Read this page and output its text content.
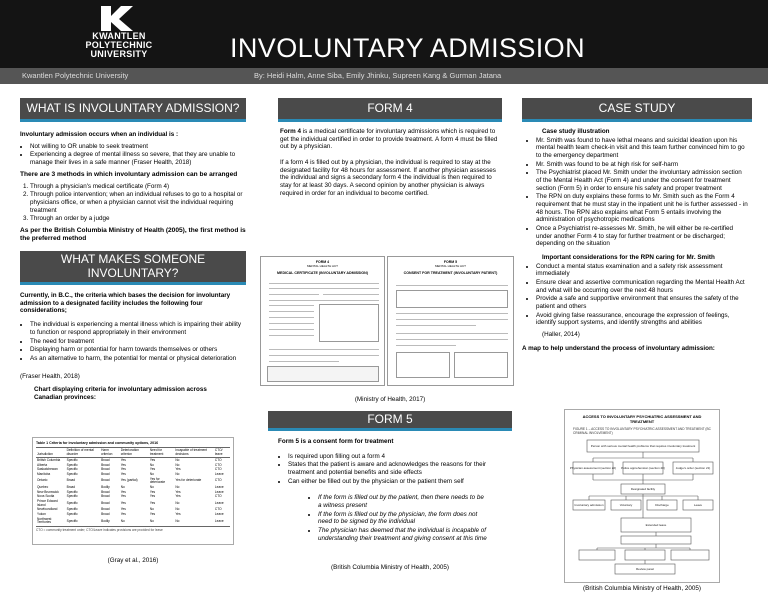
KWANTLEN
POLYTECHNIC
UNIVERSITY	INVOLUNTARY ADMISSION
Kwantlen Polytechnic University	By: Heidi Halm, Anne Siba, Emily Jhinku, Supreen Kang & Gurman Jatana
WHAT IS INVOLUNTARY ADMISSION?

Involuntary admission occurs when an individual is :

• Not willing to OR unable to seek treatment
• Experiencing a degree of mental illness so severe, that they are unable to manage their lives in a safe manner (Fraser Health, 2018)

There are 3 methods in which involuntary admission can be arranged

1. Through a physician's medical certificate (Form 4)
2. Through police intervention; when an individual refuses to go to a hospital or physicians office, or when a physician cannot visit the individual requiring treatment
3. Through an order by a judge

As per the British Columbia Ministry of Health (2005), the first method is the preferred method

WHAT MAKES SOMEONE INVOLUNTARY?

Currently, in B.C., the criteria which bases the decision for involuntary admission to a designated facility includes the following four considerations;

• The individual is experiencing a mental illness which is impairing their ability to function or respond appropriately in their environment
• The need for treatment
• Displaying harm or potential for harm towards themselves or others
• As an alternative to harm, the potential for mental or physical deterioration

(Fraser Health, 2018)

Chart displaying criteria for involuntary admission across Canadian provinces:

Table 1 Criteria for involuntary admission and community options, 2016
Jurisdiction	Definition of mental disorder	Harm criterion	Deterioration criterion	Need for treatment	Incapable of treatment decisions	CTO/ leave
British Columbia	Specific	Broad	Yes	Yes	No	CTO
Alberta	Specific	Broad	Yes	No	No	CTO
Saskatchewan	Specific	Broad	Yes	Yes	Yes	CTO
Manitoba	Specific	Broad	Yes	No	No	Leave
Ontario	Broad	Broad	Yes (partial)	Yes for deteriorate	Yes for deteriorate	CTO
Quebec	Broad	Bodily	No	No	No	Leave
New Brunswick	Specific	Broad	Yes	Yes	Yes	Leave
Nova Scotia	Specific	Broad	Yes	Yes	Yes	CTO
Prince Edward Island	Specific	Broad	Yes	Yes	No	Leave
Newfoundland	Specific	Broad	Yes	No	No	CTO
Yukon	Specific	Broad	Yes	Yes	Yes	Leave
Northwest Territories	Specific	Bodily	No	No	No	Leave
CTO = community treatment order; CTO/Leave indicates provisions are provided for leave
(Gray et al., 2016)
FORM 4

Form 4 is a medical certificate for involuntary admissions which is required to get the individual certified in order to provide treatment. A form 4 must be filled out by a physician.

If a form 4 is filled out by a physician, the individual is required to stay at the designated facility for 48 hours for assessment. If another physician assesses the individual and signs a secondary form 4 the individual is then required to stay for at least 30 days. A second opinion by another physician is always required in order for an individual to become certified.

FORM 4
MENTAL HEALTH ACT
MEDICAL CERTIFICATE (INVOLUNTARY ADMISSION)
FORM 5
MENTAL HEALTH ACT
CONSENT FOR TREATMENT (INVOLUNTARY PATIENT)
(Ministry of Health, 2017)
FORM 5

Form 5 is a consent form for treatment

• Is required upon filling out a form 4
• States that the patient is aware and acknowledges the reasons for their treatment and potential benefits and side effects
• Can either be filled out by the physician or the patient them self
• If the form is filled out by the patient, then there needs to be a witness present
• If the form is filled out by the physician, the form does not need to be signed by the individual
• The physician has deemed that the individual is incapable of understanding their treatment and giving consent at this time
(British Columbia Ministry of Health, 2005)
CASE STUDY

Case study illustration

• Mr. Smith was found to have lethal means and suicidal ideation upon his mental health team check-in visit and this team further convinced him to go to the emergency department
• Mr. Smith was found to be at high risk for self-harm
• The Psychiatrist placed Mr. Smith under the involuntary admission section of the Mental Health Act (Form 4) and under the consent for treatment section (Form 5) in order to ensure his safety and proper treatment
• The RPN on duty explains these forms to Mr. Smith such as the Form 4 requirement that he must stay in the inpatient unit he is further assessed - in 48 hours. The RPN also explains what Form 5 entails involving the administration of psychotropic medications
• Once a Psychiatrist re-assesses Mr. Smith, he will either be re-certified under another Form 4 to stay for further treatment or be discharged; depending on the situation

Important considerations for the RPN caring for Mr. Smith

• Conduct a mental status examination and a safety risk assessment immediately
• Ensure clear and assertive communication regarding the Mental Health Act and what will be occurring over the next 48 hours
• Provide a safe and supportive environment that ensures the safety of the patient and others
• Avoid giving false reassurance, encourage the expression of feelings, identify support systems, and identify strengths and abilities

(Haller, 2014)

A map to help understand the process of involuntary admission:

ACCESS TO INVOLUNTARY PSYCHIATRIC ASSESSMENT AND TREATMENT
FIGURE 1 – ACCESS TO INVOLUNTARY PSYCHIATRIC ASSESSMENT AND TREATMENT (BC CRIMINAL INVOLVEMENT)
Person with serious mental health problems that requires involuntary treatment
Physician assessment (section 22) Police apprehension (section 28)	Judge's order (section 21)
Designated facility
Involuntary admission	Voluntary	Discharge	Leave
Extended leave
Review panel
(British Columbia Ministry of Health, 2005)
